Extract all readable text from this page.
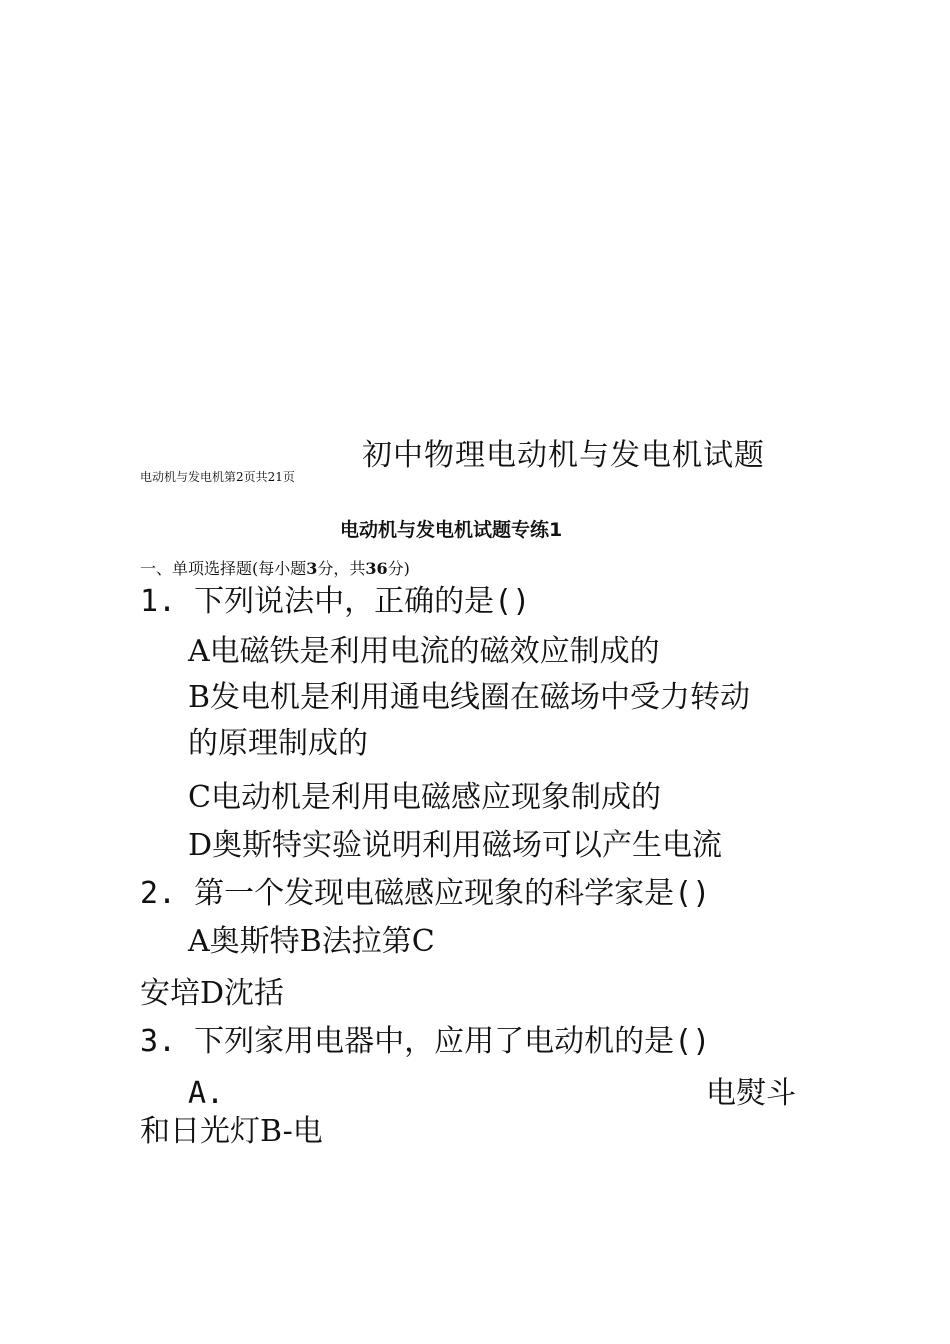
初中物理电动机与发电机试题
电动机与发电机第2页共21页
电动机与发电机试题专练1
一、单项选择题(每小题3分，共36分)
1. 下列说法中，正确的是()
A电磁铁是利用电流的磁效应制成的
B发电机是利用通电线圈在磁场中受力转动
的原理制成的
C电动机是利用电磁感应现象制成的
D奥斯特实验说明利用磁场可以产生电流
2. 第一个发现电磁感应现象的科学家是()
A奥斯特B法拉第C
安培D沈括
3. 下列家用电器中，应用了电动机的是()
A.	电熨斗
和日光灯B-电
